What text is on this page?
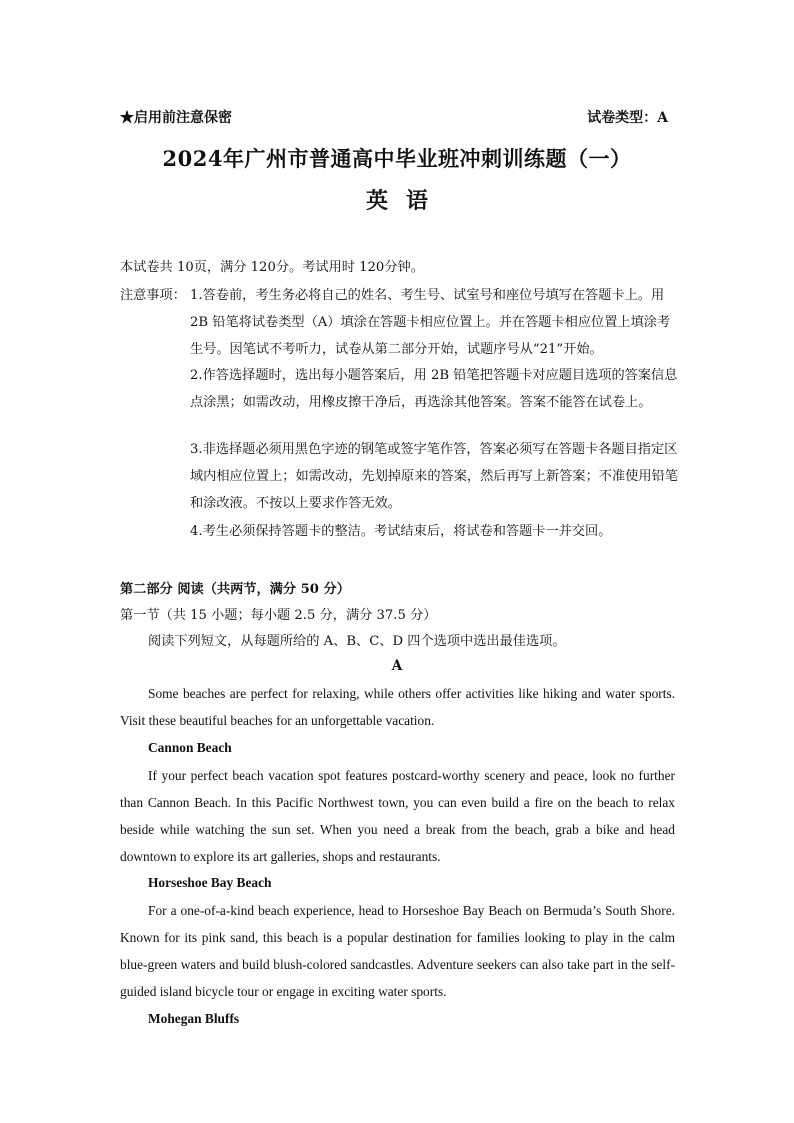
★启用前注意保密	试卷类型：A
2024年广州市普通高中毕业班冲刺训练题（一）
英语
本试卷共 10页，满分 120分。考试用时 120分钟。
注意事项： 1.答卷前，考生务必将自己的姓名、考生号、试室号和座位号填写在答题卡上。用 2B 铅笔将试卷类型（A）填涂在答题卡相应位置上。并在答题卡相应位置上填涂考生号。因笔试不考听力，试卷从第二部分开始，试题序号从“21”开始。
2.作答选择题时，选出每小题答案后，用 2B 铅笔把答题卡对应题目选项的答案信息点涂黑；如需改动，用橡皮擦干净后，再选涂其他答案。答案不能答在试卷上。
3.非选择题必须用黑色字迹的钢笔或签字笔作答，答案必须写在答题卡各题目指定区域内相应位置上；如需改动，先划掉原来的答案，然后再写上新答案；不准使用铅笔和涂改液。不按以上要求作答无效。
4.考生必须保持答题卡的整洁。考试结束后，将试卷和答题卡一并交回。
第二部分 阅读（共两节，满分 50 分）
第一节（共 15 小题；每小题 2.5 分，满分 37.5 分）
阅读下列短文，从每题所给的 A、B、C、D 四个选项中选出最佳选项。
A
Some beaches are perfect for relaxing, while others offer activities like hiking and water sports. Visit these beautiful beaches for an unforgettable vacation.
Cannon Beach
If your perfect beach vacation spot features postcard-worthy scenery and peace, look no further than Cannon Beach. In this Pacific Northwest town, you can even build a fire on the beach to relax beside while watching the sun set. When you need a break from the beach, grab a bike and head downtown to explore its art galleries, shops and restaurants.
Horseshoe Bay Beach
For a one-of-a-kind beach experience, head to Horseshoe Bay Beach on Bermuda’s South Shore. Known for its pink sand, this beach is a popular destination for families looking to play in the calm blue-green waters and build blush-colored sandcastles. Adventure seekers can also take part in the self-guided island bicycle tour or engage in exciting water sports.
Mohegan Bluffs
